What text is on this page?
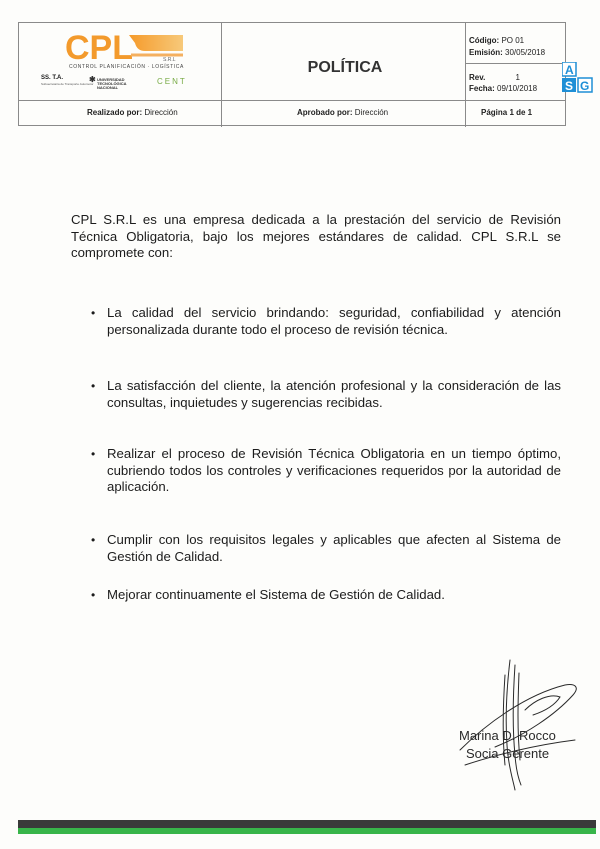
CPL	S.R.L
CONTROL PLANIFICACIÓN · LOGÍSTICA
SS. T.A.
Subsecretaría de Transporte Automotor
✱ UNIVERSIDAD TECNOLÓGICA NACIONAL
CENT
POLÍTICA
Código: PO 01
Emisión: 30/05/2018
Rev.	1
Fecha: 09/10/2018
Realizado por: Dirección	Aprobado por: Dirección	Página 1 de 1
A
S G
CPL S.R.L es una empresa dedicada a la prestación del servicio de Revisión Técnica Obligatoria, bajo los mejores estándares de calidad. CPL S.R.L se compromete con:
• La calidad del servicio brindando: seguridad, confiabilidad y atención personalizada durante todo el proceso de revisión técnica.
• La satisfacción del cliente, la atención profesional y la consideración de las consultas, inquietudes y sugerencias recibidas.
• Realizar el proceso de Revisión Técnica Obligatoria en un tiempo óptimo, cubriendo todos los controles y verificaciones requeridos por la autoridad de aplicación.
• Cumplir con los requisitos legales y aplicables que afecten al Sistema de Gestión de Calidad.
• Mejorar continuamente el Sistema de Gestión de Calidad.
Marina D. Rocco
Socia Gerente
